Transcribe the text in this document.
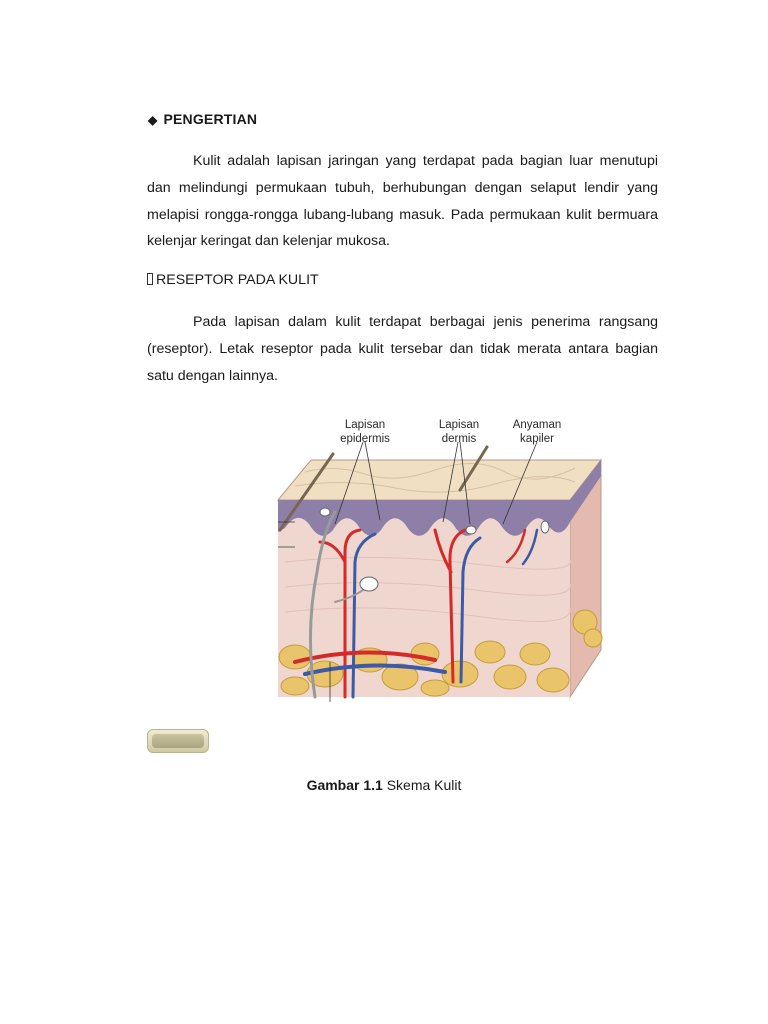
◆ PENGERTIAN
Kulit adalah lapisan jaringan yang terdapat pada bagian luar menutupi dan melindungi permukaan tubuh, berhubungan dengan selaput lendir yang melapisi rongga-rongga lubang-lubang masuk. Pada permukaan kulit bermuara kelenjar keringat dan kelenjar mukosa.
RESEPTOR PADA KULIT
Pada lapisan dalam kulit terdapat berbagai jenis penerima rangsang (reseptor). Letak reseptor pada kulit tersebar dan tidak merata antara bagian satu dengan lainnya.
Lapisan epidermis
Lapisan dermis
Anyaman kapiler
Gambar 1.1 Skema Kulit
